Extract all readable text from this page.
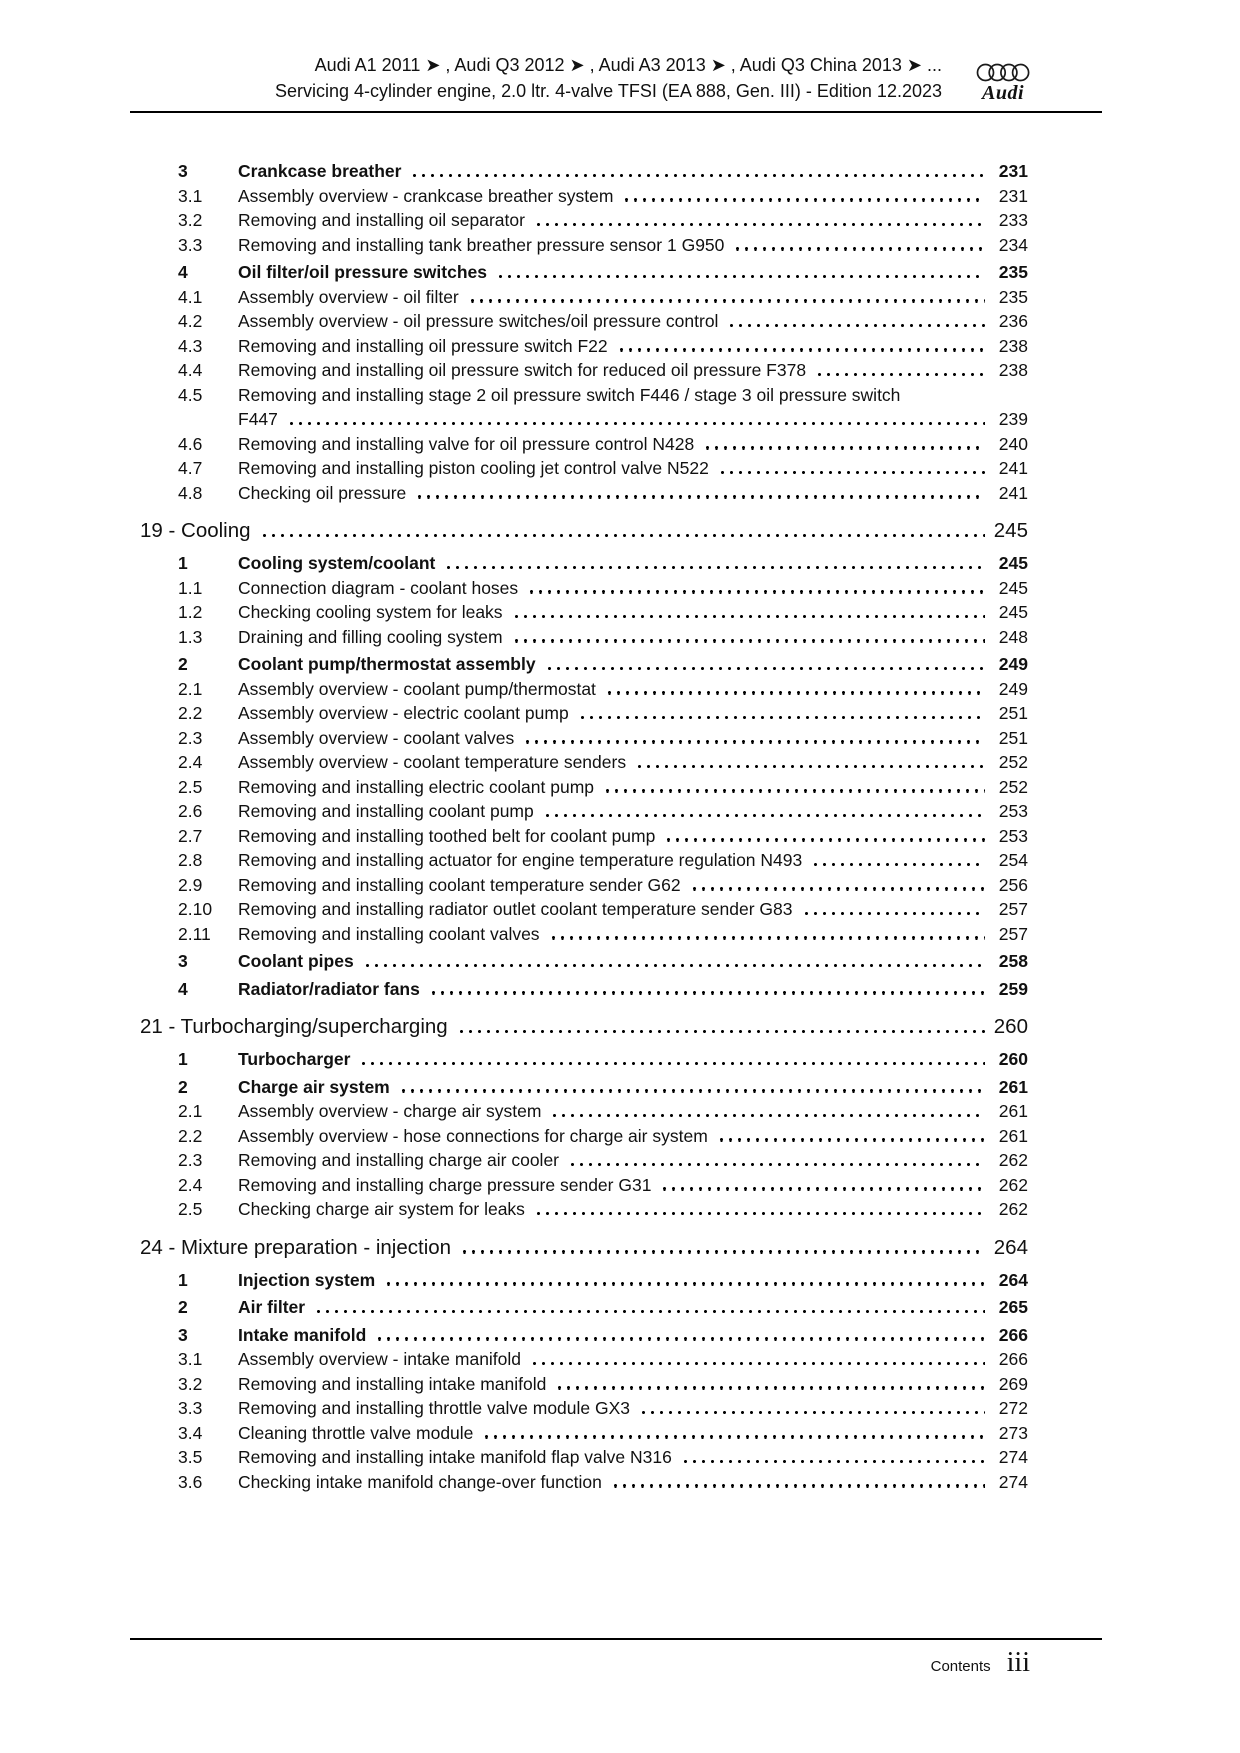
Audi A1 2011 ➤ , Audi Q3 2012 ➤ , Audi A3 2013 ➤ , Audi Q3 China 2013 ➤ ...
Servicing 4-cylinder engine, 2.0 ltr. 4-valve TFSI (EA 888, Gen. III) - Edition 12.2023 Audi
3	Crankcase breather	231
3.1	Assembly overview - crankcase breather system	231
3.2	Removing and installing oil separator	233
3.3	Removing and installing tank breather pressure sensor 1 G950	234
4	Oil filter/oil pressure switches	235
4.1	Assembly overview - oil filter	235
4.2	Assembly overview - oil pressure switches/oil pressure control	236
4.3	Removing and installing oil pressure switch F22	238
4.4	Removing and installing oil pressure switch for reduced oil pressure F378	238
4.5	Removing and installing stage 2 oil pressure switch F446 / stage 3 oil pressure switch
F447	239
4.6	Removing and installing valve for oil pressure control N428	240
4.7	Removing and installing piston cooling jet control valve N522	241
4.8	Checking oil pressure	241
19 - Cooling	245
1	Cooling system/coolant	245
1.1	Connection diagram - coolant hoses	245
1.2	Checking cooling system for leaks	245
1.3	Draining and filling cooling system	248
2	Coolant pump/thermostat assembly	249
2.1	Assembly overview - coolant pump/thermostat	249
2.2	Assembly overview - electric coolant pump	251
2.3	Assembly overview - coolant valves	251
2.4	Assembly overview - coolant temperature senders	252
2.5	Removing and installing electric coolant pump	252
2.6	Removing and installing coolant pump	253
2.7	Removing and installing toothed belt for coolant pump	253
2.8	Removing and installing actuator for engine temperature regulation N493	254
2.9	Removing and installing coolant temperature sender G62	256
2.10	Removing and installing radiator outlet coolant temperature sender G83	257
2.11	Removing and installing coolant valves	257
3	Coolant pipes	258
4	Radiator/radiator fans	259
21 - Turbocharging/supercharging	260
1	Turbocharger	260
2	Charge air system	261
2.1	Assembly overview - charge air system	261
2.2	Assembly overview - hose connections for charge air system	261
2.3	Removing and installing charge air cooler	262
2.4	Removing and installing charge pressure sender G31	262
2.5	Checking charge air system for leaks	262
24 - Mixture preparation - injection	264
1	Injection system	264
2	Air filter	265
3	Intake manifold	266
3.1	Assembly overview - intake manifold	266
3.2	Removing and installing intake manifold	269
3.3	Removing and installing throttle valve module GX3	272
3.4	Cleaning throttle valve module	273
3.5	Removing and installing intake manifold flap valve N316	274
3.6	Checking intake manifold change-over function	274
Contents iii
